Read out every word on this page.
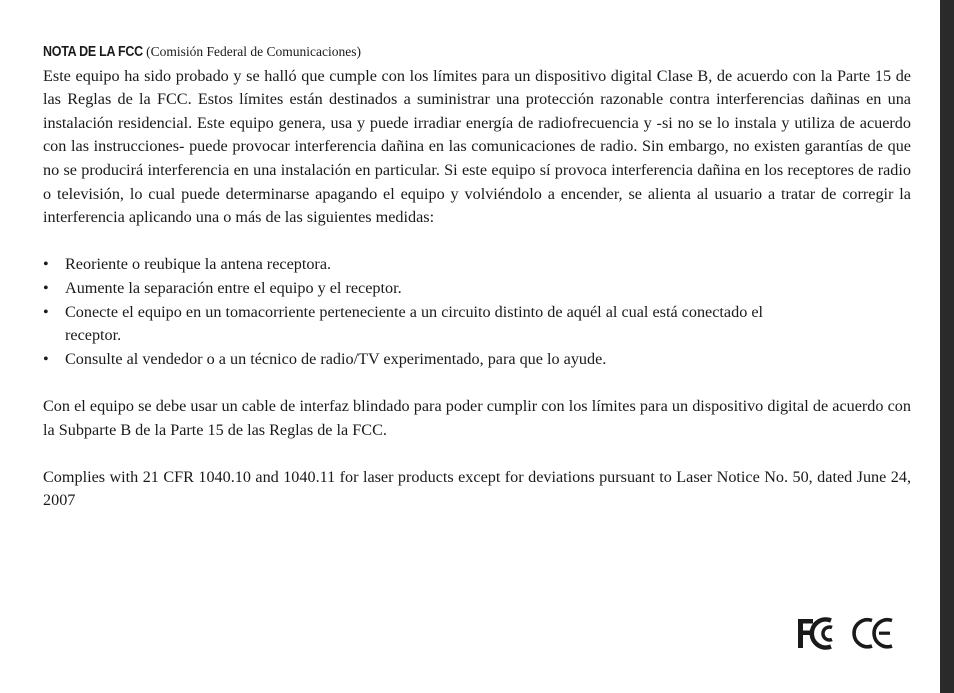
NOTA DE LA FCC (Comisión Federal de Comunicaciones)

Este equipo ha sido probado y se halló que cumple con los límites para un dispositivo digital Clase B, de acuerdo con la Parte 15 de las Reglas de la FCC. Estos límites están destinados a suministrar una protección razonable contra interferencias dañinas en una instalación residencial. Este equipo genera, usa y puede irradiar energía de radiofrecuencia y -si no se lo instala y utiliza de acuerdo con las instrucciones- puede provocar interferencia dañina en las comunicaciones de radio. Sin embargo, no existen garantías de que no se producirá interferencia en una instalación en particular. Si este equipo sí provoca interferencia dañina en los receptores de radio o televisión, lo cual puede determinarse apagando el equipo y volviéndolo a encender, se alienta al usuario a tratar de corregir la interferencia aplicando una o más de las siguientes medidas:

• Reoriente o reubique la antena receptora.
• Aumente la separación entre el equipo y el receptor.
• Conecte el equipo en un tomacorriente perteneciente a un circuito distinto de aquél al cual está conectado el receptor.
• Consulte al vendedor o a un técnico de radio/TV experimentado, para que lo ayude.

Con el equipo se debe usar un cable de interfaz blindado para poder cumplir con los límites para un dispositivo digital de acuerdo con la Subparte B de la Parte 15 de las Reglas de la FCC.

Complies with 21 CFR 1040.10 and 1040.11 for laser products except for deviations pursuant to Laser Notice No. 50, dated June 24, 2007
